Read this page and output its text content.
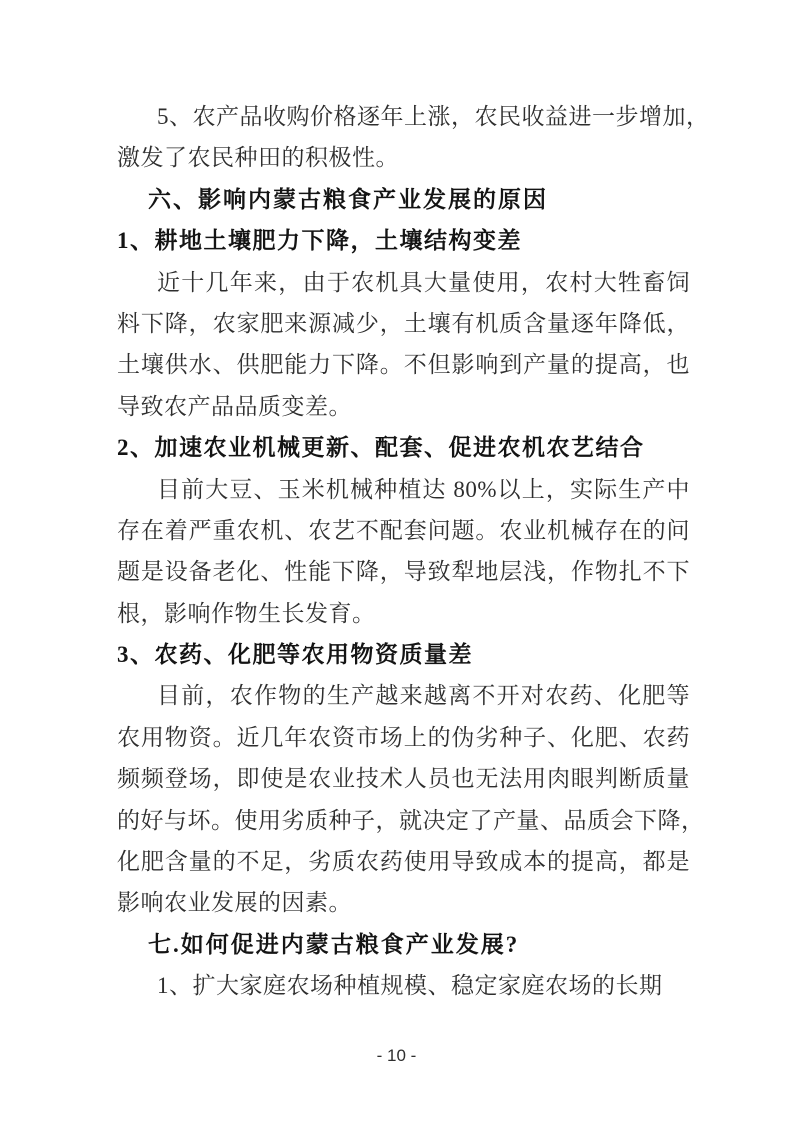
5、农产品收购价格逐年上涨，农民收益进一步增加，
激发了农民种田的积极性。
六、影响内蒙古粮食产业发展的原因
1、耕地土壤肥力下降，土壤结构变差
近十几年来，由于农机具大量使用，农村大牲畜饲
料下降，农家肥来源减少，土壤有机质含量逐年降低，
土壤供水、供肥能力下降。不但影响到产量的提高，也
导致农产品品质变差。
2、加速农业机械更新、配套、促进农机农艺结合
目前大豆、玉米机械种植达 80%以上，实际生产中
存在着严重农机、农艺不配套问题。农业机械存在的问
题是设备老化、性能下降，导致犁地层浅，作物扎不下
根，影响作物生长发育。
3、农药、化肥等农用物资质量差
目前，农作物的生产越来越离不开对农药、化肥等
农用物资。近几年农资市场上的伪劣种子、化肥、农药
频频登场，即使是农业技术人员也无法用肉眼判断质量
的好与坏。使用劣质种子，就决定了产量、品质会下降，
化肥含量的不足，劣质农药使用导致成本的提高，都是
影响农业发展的因素。
七.如何促进内蒙古粮食产业发展?
1、扩大家庭农场种植规模、稳定家庭农场的长期
- 10 -
